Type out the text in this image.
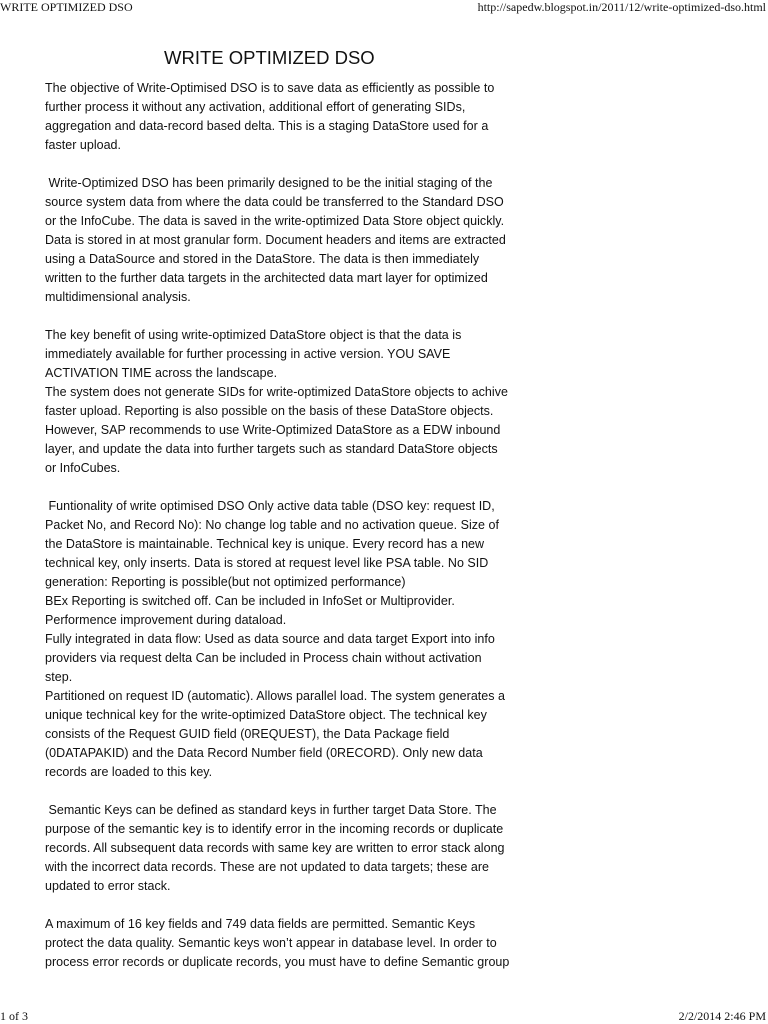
WRITE OPTIMIZED DSO	http://sapedw.blogspot.in/2011/12/write-optimized-dso.html
WRITE OPTIMIZED DSO
The objective of Write-Optimised DSO is to save data as efficiently as possible to
further process it without any activation, additional effort of generating SIDs,
aggregation and data-record based delta. This is a staging DataStore used for a
faster upload.
Write-Optimized DSO has been primarily designed to be the initial staging of the
source system data from where the data could be transferred to the Standard DSO
or the InfoCube. The data is saved in the write-optimized Data Store object quickly.
Data is stored in at most granular form. Document headers and items are extracted
using a DataSource and stored in the DataStore. The data is then immediately
written to the further data targets in the architected data mart layer for optimized
multidimensional analysis.
The key benefit of using write-optimized DataStore object is that the data is
immediately available for further processing in active version. YOU SAVE
ACTIVATION TIME across the landscape.
The system does not generate SIDs for write-optimized DataStore objects to achive
faster upload. Reporting is also possible on the basis of these DataStore objects.
However, SAP recommends to use Write-Optimized DataStore as a EDW inbound
layer, and update the data into further targets such as standard DataStore objects
or InfoCubes.
Funtionality of write optimised DSO Only active data table (DSO key: request ID,
Packet No, and Record No): No change log table and no activation queue. Size of
the DataStore is maintainable. Technical key is unique. Every record has a new
technical key, only inserts. Data is stored at request level like PSA table. No SID
generation: Reporting is possible(but not optimized performance)
BEx Reporting is switched off. Can be included in InfoSet or Multiprovider.
Performence improvement during dataload.
Fully integrated in data flow: Used as data source and data target Export into info
providers via request delta Can be included in Process chain without activation
step.
Partitioned on request ID (automatic). Allows parallel load. The system generates a
unique technical key for the write-optimized DataStore object. The technical key
consists of the Request GUID field (0REQUEST), the Data Package field
(0DATAPAKID) and the Data Record Number field (0RECORD). Only new data
records are loaded to this key.
Semantic Keys can be defined as standard keys in further target Data Store. The
purpose of the semantic key is to identify error in the incoming records or duplicate
records. All subsequent data records with same key are written to error stack along
with the incorrect data records. These are not updated to data targets; these are
updated to error stack.
A maximum of 16 key fields and 749 data fields are permitted. Semantic Keys
protect the data quality. Semantic keys won’t appear in database level. In order to
process error records or duplicate records, you must have to define Semantic group
1 of 3	2/2/2014 2:46 PM
